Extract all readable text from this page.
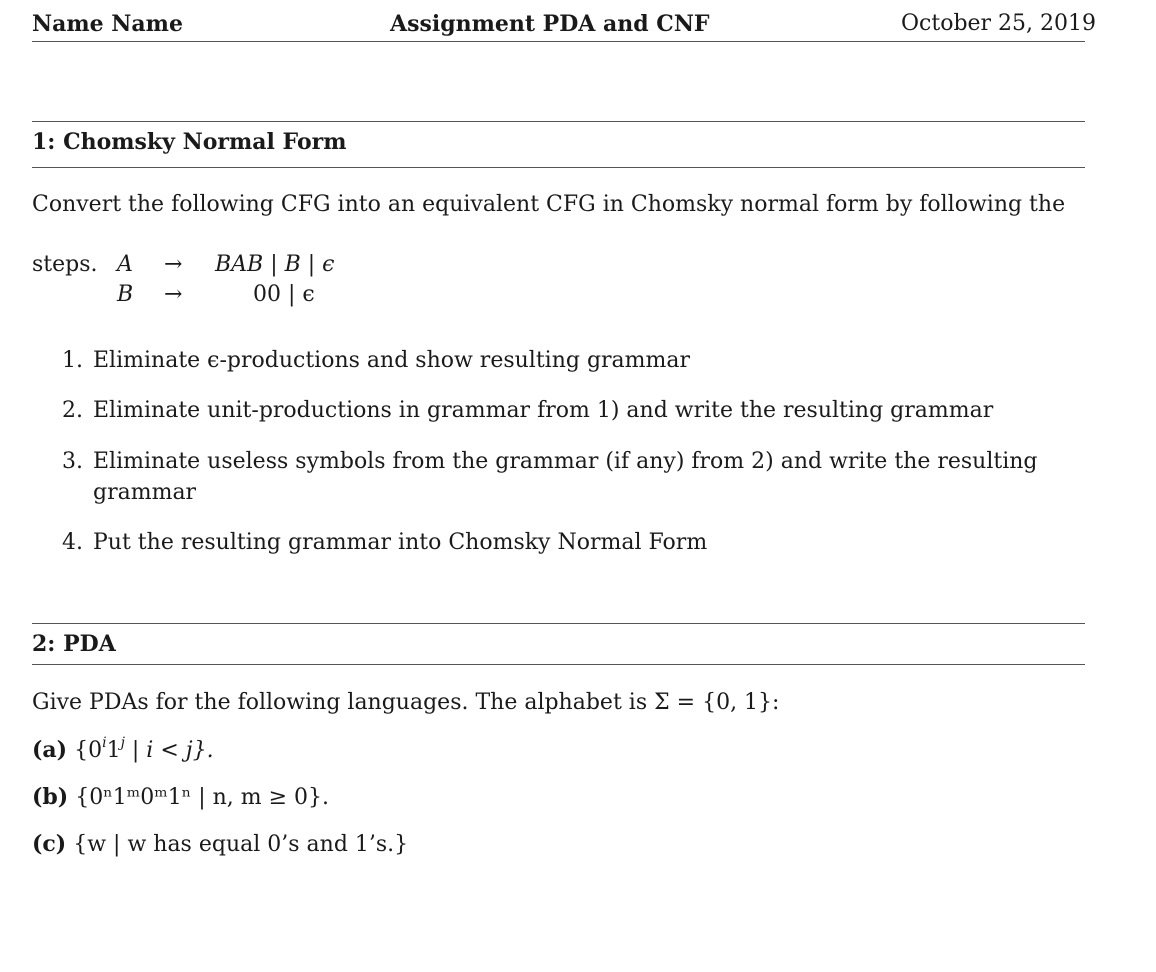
Name Name	Assignment PDA and CNF	October 25, 2019
1: Chomsky Normal Form
Convert the following CFG into an equivalent CFG in Chomsky normal form by following the
steps. A → BAB | B | ϵ
B →	00 | ϵ
1. Eliminate ϵ-productions and show resulting grammar
2. Eliminate unit-productions in grammar from 1) and write the resulting grammar
3. Eliminate useless symbols from the grammar (if any) from 2) and write the resulting
grammar
4. Put the resulting grammar into Chomsky Normal Form
2: PDA
Give PDAs for the following languages. The alphabet is Σ = {0, 1}:
(a) {0$^i$1$^j$ | i < j}.
(b) {0ⁿ1ᵐ0ᵐ1ⁿ | n, m ≥ 0}.
(c) {w | w has equal 0’s and 1’s.}
